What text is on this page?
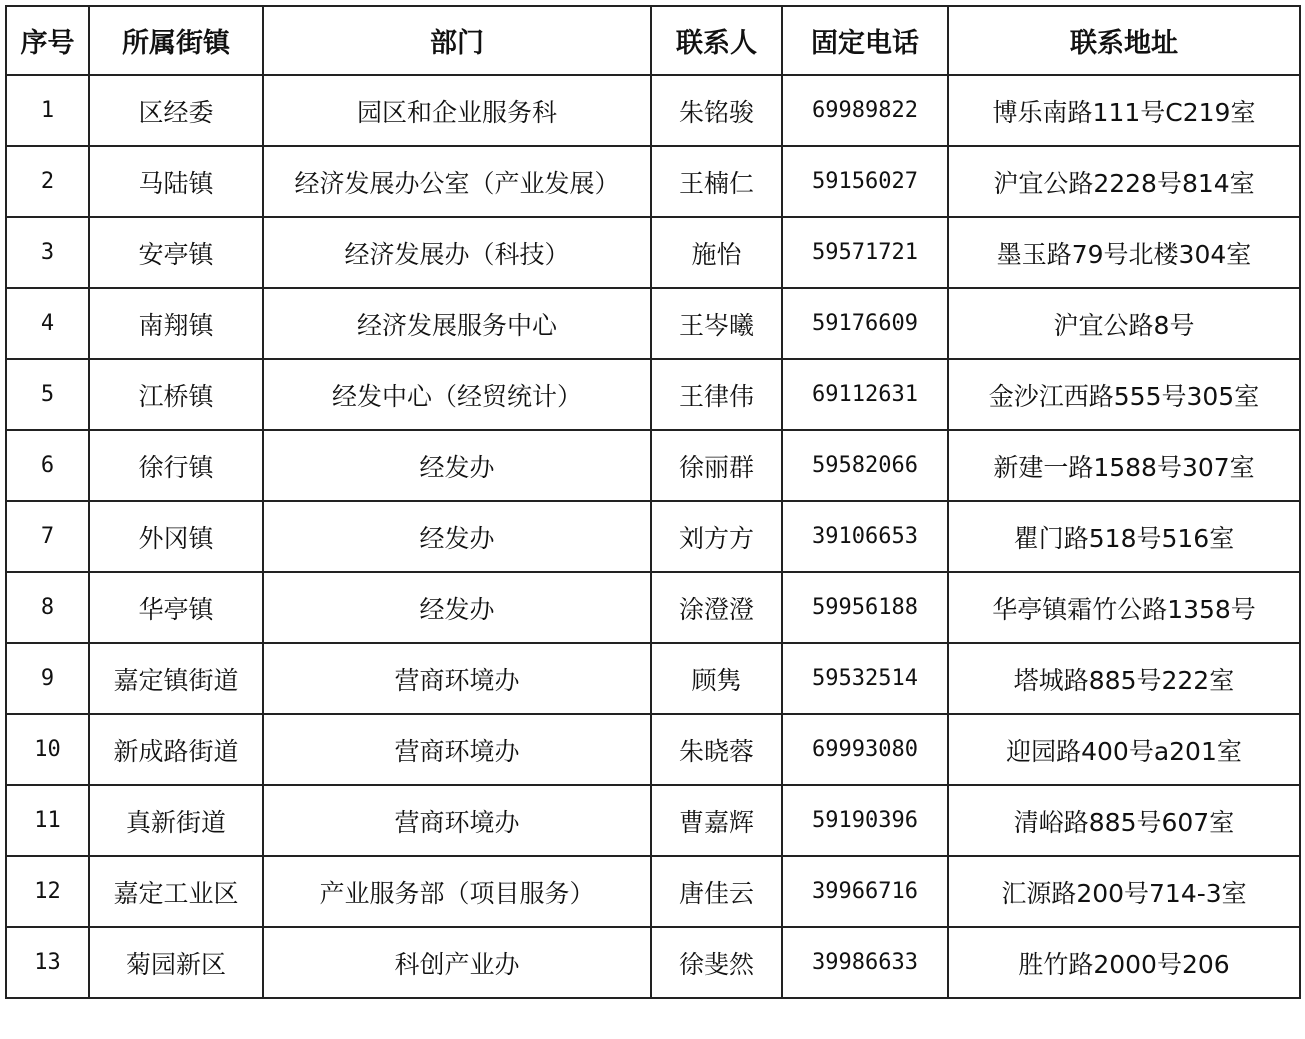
序号	所属街镇	部门	联系人	固定电话	联系地址
1	区经委	园区和企业服务科	朱铭骏	69989822	博乐南路111号C219室
2	马陆镇	经济发展办公室（产业发展）	王楠仁	59156027	沪宜公路2228号814室
3	安亭镇	经济发展办（科技）	施怡	59571721	墨玉路79号北楼304室
4	南翔镇	经济发展服务中心	王岑曦	59176609	沪宜公路8号
5	江桥镇	经发中心（经贸统计）	王律伟	69112631	金沙江西路555号305室
6	徐行镇	经发办	徐丽群	59582066	新建一路1588号307室
7	外冈镇	经发办	刘方方	39106653	瞿门路518号516室
8	华亭镇	经发办	涂澄澄	59956188	华亭镇霜竹公路1358号
9	嘉定镇街道	营商环境办	顾隽	59532514	塔城路885号222室
10	新成路街道	营商环境办	朱晓蓉	69993080	迎园路400号a201室
11	真新街道	营商环境办	曹嘉辉	59190396	清峪路885号607室
12	嘉定工业区	产业服务部（项目服务）	唐佳云	39966716	汇源路200号714-3室
13	菊园新区	科创产业办	徐斐然	39986633	胜竹路2000号206
